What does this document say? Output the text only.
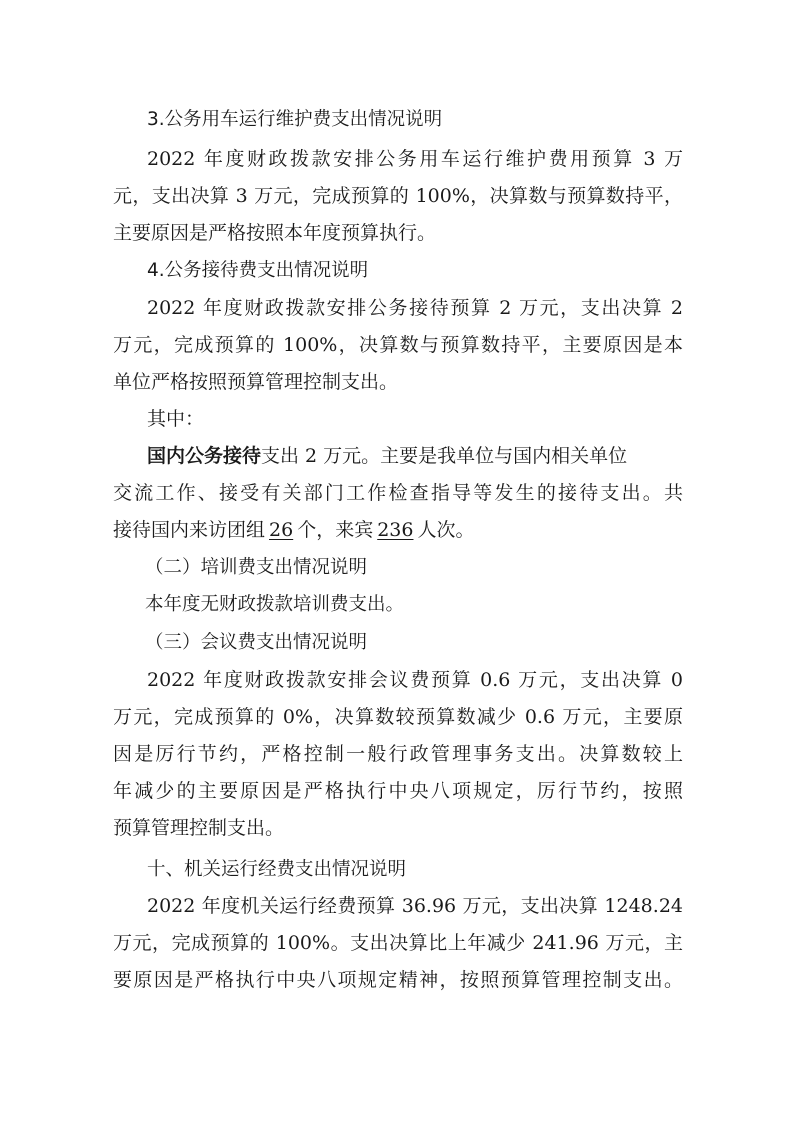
3.公务用车运行维护费支出情况说明
2022 年度财政拨款安排公务用车运行维护费用预算 3 万
元，支出决算 3 万元，完成预算的 100%，决算数与预算数持平，
主要原因是严格按照本年度预算执行。
4.公务接待费支出情况说明
2022 年度财政拨款安排公务接待预算 2 万元，支出决算 2
万元，完成预算的 100%，决算数与预算数持平，主要原因是本
单位严格按照预算管理控制支出。
其中：
国内公务接待支出 2 万元。主要是我单位与国内相关单位
交流工作、接受有关部门工作检查指导等发生的接待支出。共
接待国内来访团组 26 个，来宾 236 人次。
（二）培训费支出情况说明
本年度无财政拨款培训费支出。
（三）会议费支出情况说明
2022 年度财政拨款安排会议费预算 0.6 万元，支出决算 0
万元，完成预算的 0%，决算数较预算数减少 0.6 万元，主要原
因是厉行节约，严格控制一般行政管理事务支出。决算数较上
年减少的主要原因是严格执行中央八项规定，厉行节约，按照
预算管理控制支出。
十、机关运行经费支出情况说明
2022 年度机关运行经费预算 36.96 万元，支出决算 1248.24
万元，完成预算的 100%。支出决算比上年减少 241.96 万元，主
要原因是严格执行中央八项规定精神，按照预算管理控制支出。
